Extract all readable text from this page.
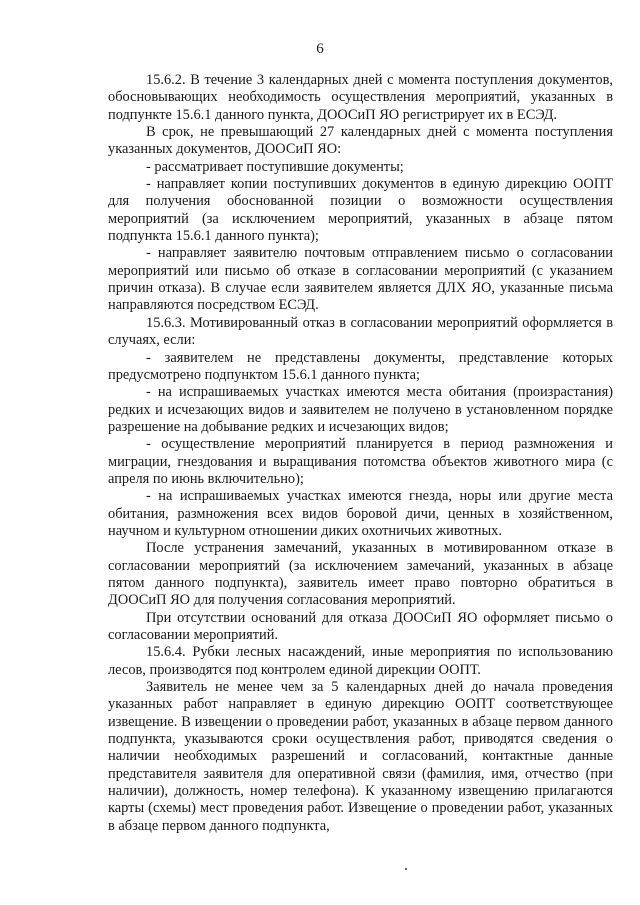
6

15.6.2. В течение 3 календарных дней с момента поступления документов, обосновывающих необходимость осуществления мероприятий, указанных в подпункте 15.6.1 данного пункта, ДООСиП ЯО регистрирует их в ЕСЭД.

В срок, не превышающий 27 календарных дней с момента поступления указанных документов, ДООСиП ЯО:

- рассматривает поступившие документы;

- направляет копии поступивших документов в единую дирекцию ООПТ для получения обоснованной позиции о возможности осуществления мероприятий (за исключением мероприятий, указанных в абзаце пятом подпункта 15.6.1 данного пункта);

- направляет заявителю почтовым отправлением письмо о согласовании мероприятий или письмо об отказе в согласовании мероприятий (с указанием причин отказа). В случае если заявителем является ДЛХ ЯО, указанные письма направляются посредством ЕСЭД.

15.6.3. Мотивированный отказ в согласовании мероприятий оформляется в случаях, если:

- заявителем не представлены документы, представление которых предусмотрено подпунктом 15.6.1 данного пункта;

- на испрашиваемых участках имеются места обитания (произрастания) редких и исчезающих видов и заявителем не получено в установленном порядке разрешение на добывание редких и исчезающих видов;

- осуществление мероприятий планируется в период размножения и миграции, гнездования и выращивания потомства объектов животного мира (с апреля по июнь включительно);

- на испрашиваемых участках имеются гнезда, норы или другие места обитания, размножения всех видов боровой дичи, ценных в хозяйственном, научном и культурном отношении диких охотничьих животных.

После устранения замечаний, указанных в мотивированном отказе в согласовании мероприятий (за исключением замечаний, указанных в абзаце пятом данного подпункта), заявитель имеет право повторно обратиться в ДООСиП ЯО для получения согласования мероприятий.

При отсутствии оснований для отказа ДООСиП ЯО оформляет письмо о согласовании мероприятий.

15.6.4. Рубки лесных насаждений, иные мероприятия по использованию лесов, производятся под контролем единой дирекции ООПТ.

Заявитель не менее чем за 5 календарных дней до начала проведения указанных работ направляет в единую дирекцию ООПТ соответствующее извещение. В извещении о проведении работ, указанных в абзаце первом данного подпункта, указываются сроки осуществления работ, приводятся сведения о наличии необходимых разрешений и согласований, контактные данные представителя заявителя для оперативной связи (фамилия, имя, отчество (при наличии), должность, номер телефона). К указанному извещению прилагаются карты (схемы) мест проведения работ. Извещение о проведении работ, указанных в абзаце первом данного подпункта,
